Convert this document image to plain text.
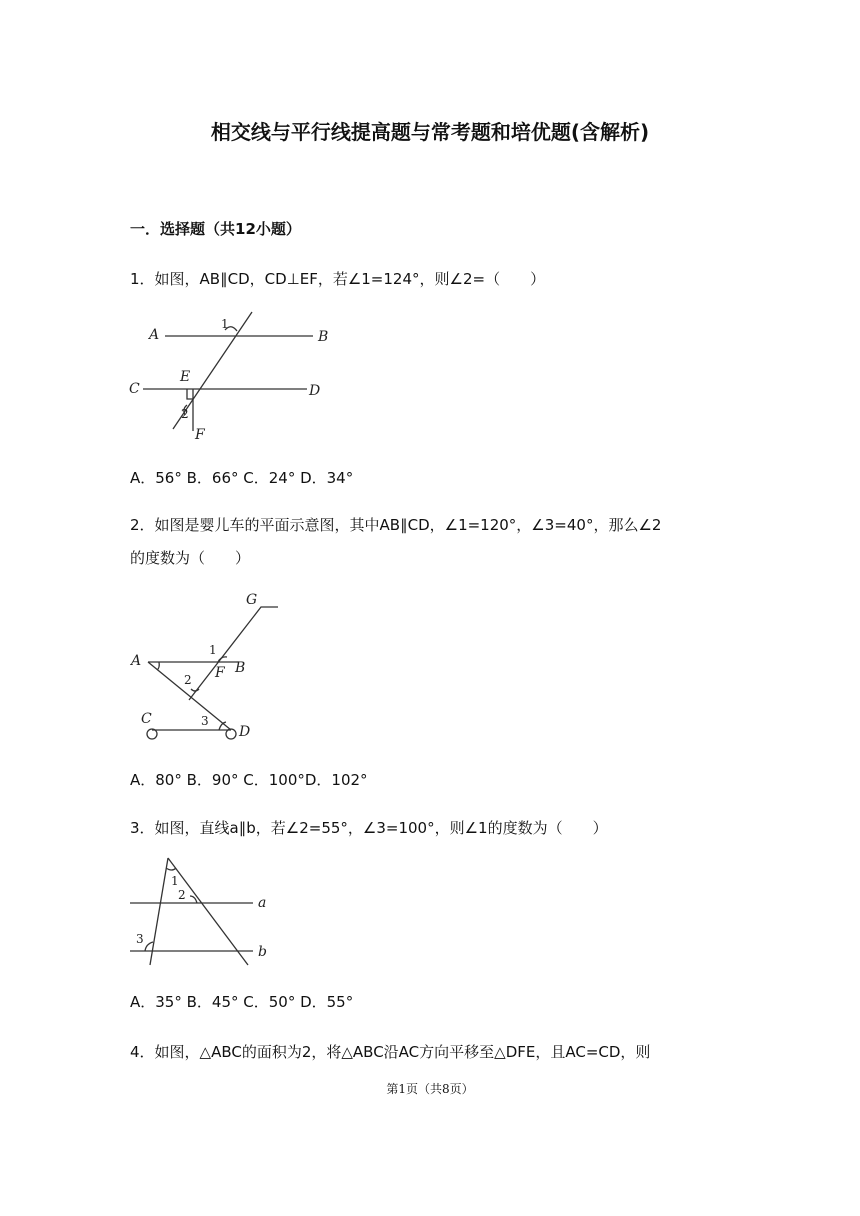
相交线与平行线提高题与常考题和培优题(含解析)
一．选择题（共12小题）
1．如图，AB∥CD，CD⊥EF，若∠1=124°，则∠2=（　　）
A	B
C	D
E
F
1
2
A．56° B．66° C．24° D．34°
2．如图是婴儿车的平面示意图，其中AB∥CD，∠1=120°，∠3=40°，那么∠2
的度数为（　　）
G
A	B
F
C
D
1
2
3
A．80° B．90° C．100°D．102°
3．如图，直线a∥b，若∠2=55°，∠3=100°，则∠1的度数为（　　）
a
b
1
2
3
A．35° B．45° C．50° D．55°
4．如图，△ABC的面积为2，将△ABC沿AC方向平移至△DFE，且AC=CD，则
第1页（共8页）
